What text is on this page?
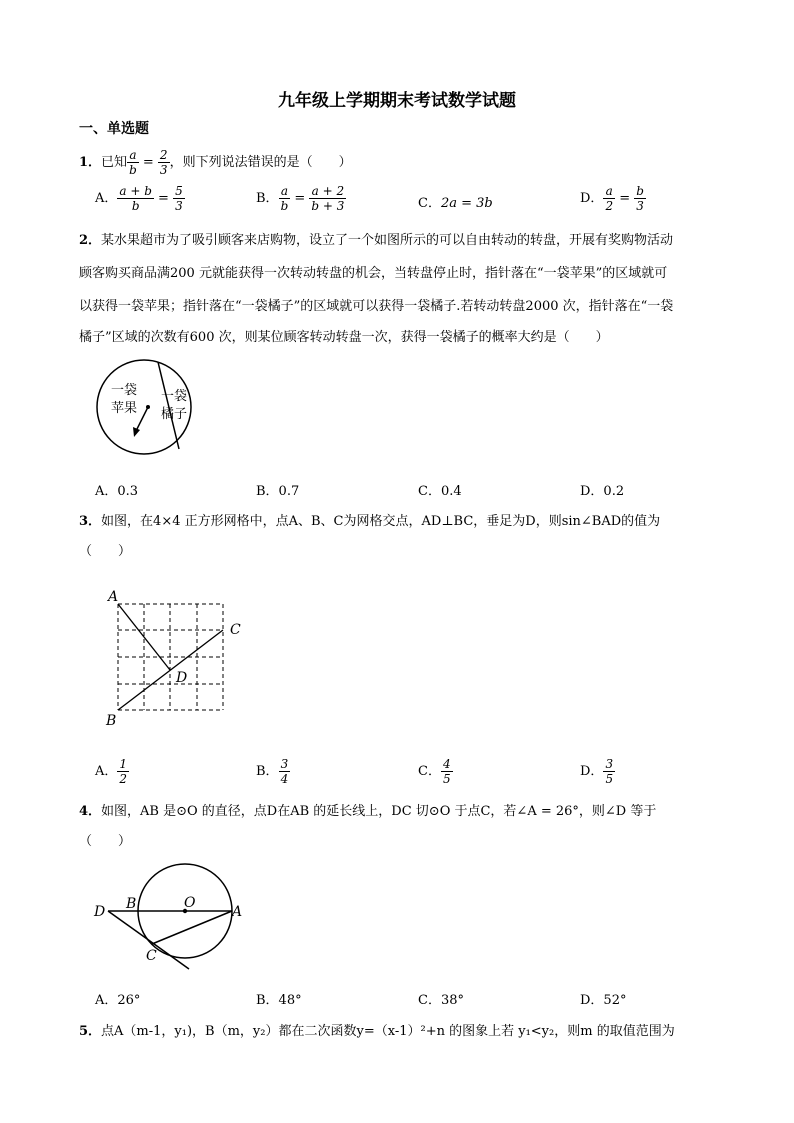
九年级上学期期末考试数学试题
一、单选题
1．已知 $\frac{a}{b} = \frac{2}{3}$ ，则下列说法错误的是（　　）
A． $\frac{a + b}{b} = \frac{5}{3}$	B． $\frac{a}{b} = \frac{a + 2}{b + 3}$	C．2a = 3b	D． $\frac{a}{2} = \frac{b}{3}$
2．某水果超市为了吸引顾客来店购物，设立了一个如图所示的可以自由转动的转盘，开展有奖购物活动
顾客购买商品满200 元就能获得一次转动转盘的机会，当转盘停止时，指针落在“一袋苹果”的区域就可
以获得一袋苹果；指针落在“一袋橘子”的区域就可以获得一袋橘子.若转动转盘2000 次，指针落在“一袋
橘子”区域的次数有600 次，则某位顾客转动转盘一次，获得一袋橘子的概率大约是（　　）
一袋
苹果
一袋
橘子
A．0.3	B．0.7	C．0.4	D．0.2
3．如图，在4×4 正方形网格中，点A、B、C为网格交点，AD⊥BC，垂足为D，则sin∠BAD的值为
（　　）
A
B
C
D
A． $\frac{1}{2}$	B． $\frac{3}{4}$	C． $\frac{4}{5}$	D． $\frac{3}{5}$
4．如图，AB 是⊙O 的直径，点D在AB 的延长线上，DC 切⊙O 于点C，若∠A = 26°，则∠D 等于
（　　）
D B	O
A
C
A．26°	B．48°	C．38°	D．52°
5．点A（m-1，y₁)，B（m，y₂）都在二次函数y=（x-1）²+n 的图象上若 y₁<y₂，则m 的取值范围为
